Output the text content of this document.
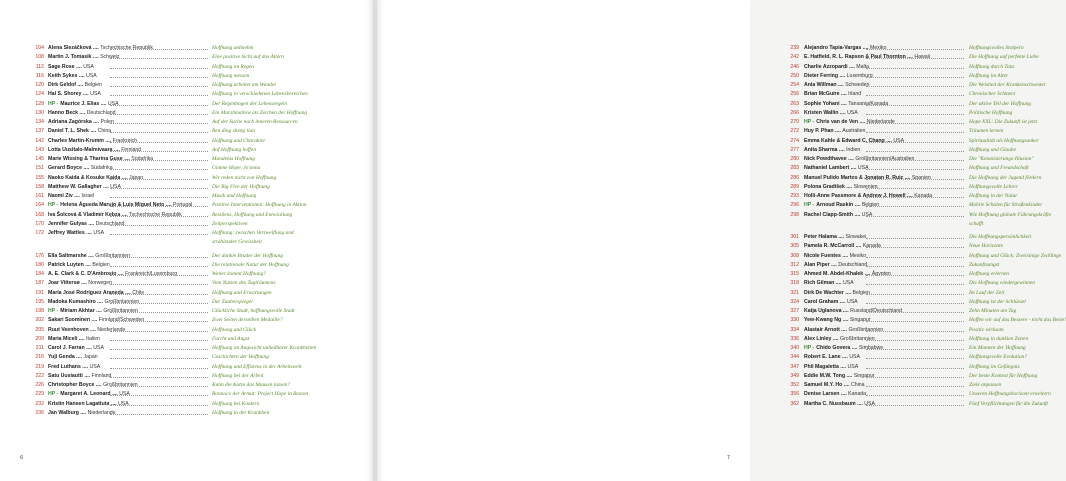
104 Alena Slezáčková .... Tschechische Republik	Hoffnung anhnehm
108 Martin J. Tomasik .... Schweiz	Eine positive Sicht auf das Altern
112 Sage Rose .... USA	Hoffnung im Regen
116 Keith Sykes .... USA	Hoffnung messen
120 Dirk Geldof .... Belgien	Hoffnung arbeitet am Wandel
124 Hal S. Shorey .... USA	Hoffnung in verschiedenen Lebensbereichen
128 HP - Maurice J. Elias .... USA	Der Regenbogen der Lebensregeln
130 Hanno Beck .... Deutschland	Ein Marshmallow als Zeichen der Hoffnung
134 Adriana Zagórska .... Polen	Auf der Suche nach inneren Ressourcen
137 Daniel T. L. Shek .... China	Ren ding sheng tian
142 Charles Martin-Krumm .... Frankreich	Hoffnung und Charakter
143 Lotta Uusitalo-Malmivaara .... Finnland	Auf Hoffnung hoffen
145 Marie Wissing & Tharina Guse .... Südafrika	Mandelas Hoffnung
151 Gerard Boyce .... Südafrika	Gimme Hope, Jo'anna
155 Naoko Kaida & Kosuke Kaida .... Japan	Wir reden nicht von Hoffnung
158 Matthew W. Gallagher .... USA	Die Big Five der Hoffnung
161 Naomi Ziv .... Israel	Musik und Hoffnung
164 HP - Helena Águeda Marujo & Luis Miguel Neto .... Portugal	Positive Interventionen: Hoffnung in Aktion
168 Iva Šolcová & Vladimír Kebza .... Tschechische Republik	Resilienz, Hoffnung und Entwicklung
170 Jennifer Gulyas .... Deutschland	Zeitperspektiven
172 Jeffrey Wattles .... USA	Hoffnung: zwischen Verzweiflung und
strahlender Gewissheit
176 Ella Saltmarshe .... Großbritannien	Der dunkle Bruder der Hoffnung
180 Patrick Luyten .... Belgien	Die relationale Natur der Hoffnung
184 A. E. Clark & C. D'Ambrosio .... Frankreich/Luxemburg	Weiter kommt Hoffnung?
187 Joar Vittersø .... Norwegen	Vom Nutzen des Tagträumens
191 María José Rodríguez Araneda .... Chile	Hoffnung und Erwartungen
195 Madoka Kumashiro .... Großbritannien	Der Zauberspiegel
198 HP - Miriam Akhtar .... Großbritannien	Glückliche Stadt, hoffnungsvolle Stadt
202 Sakari Suominen .... Finnland/Schweden	Zwei Seiten derselben Medaille?
205 Ruut Veenhoven .... Niederlande	Hoffnung und Glück
209 Maria Miceli .... Italien	Furcht und Angst
211 Carol J. Farran .... USA	Hoffnung im Angesicht unheilbarer Krankheiten
216 Yuji Genda .... Japan	Geschichten der Hoffnung
219 Fred Luthans .... USA	Hoffnung und Effizienz in der Arbeitswelt
222 Satu Uusiautti .... Finnland	Hoffnung bei der Arbeit
226 Christopher Boyce .... Großbritannien	Kann die Katze das Mausen lassen?
229 HP - Margaret A. Leonard .... USA	Ronnoco der Armut: Project Hope in Boston
232 Kristin Hansen Lagattuta .... USA	Hoffnung bei Kindern
236 Jan Walburg .... Niederlande	Hoffnung in der Krankheit
6
239 Alejandro Tapia-Vargas .... Mexiko	Hoffnungsvolles Stolpern
242 E. Hatfield, R. L. Rapson & Paul Thornton .... Hawaii	Die Hoffnung auf perfekte Liebe
246 Charlie Azzopardi .... Malta	Hoffnung durch Tanz
250 Dieter Ferring .... Luxemburg	Hoffnung im Alter
254 Ania Willman .... Schweden	Die Weisheit der Krankenschwester
256 Brian McGuire .... Irland	Chronischer Schmerz
263 Sophie Yohani .... Tansania/Kanada	Der aktive Teil der Hoffnung
266 Kristen Wallin .... USA	Politische Hoffnung
270 HP - Chris van de Ven .... Niederlande	Hope XXL: Die Zukunft ist jetzt
272 Huy P. Phan .... Australien	Träumen lernen
274 Emma Kahle & Edward C. Chang .... USA	Spiritualität als Hoffnungsanker
277 Anita Sharma .... Indien	Hoffnung und Glaube
280 Nick Powdthavee .... Großbritannien/Australien	Die "Ketanisierungs-Illusion"
283 Nathaniel Lambert .... USA	Hoffnung und Freundschaft
286 Manuel Pulido Martos & Jonatan R. Ruiz .... Spanien	Die Hoffnung der Jugend fördern
289 Polona Gradišek .... Slowenien	Hoffnungsvolle Lehrer
293 Holli-Anne Passmore & Andrew J. Howell .... Kanada	Hoffnung in der Natur
296 HP - Arnoud Raskin .... Belgien	Mobile Schulen für Straßenkinder
298 Rachel Clapp-Smith .... USA	Wie Hoffnung globale Führungskräfte
schafft
301 Peter Halama .... Slowakei	Die Hoffnungspersönlichkeit
305 Pamela R. McCarroll .... Kanada	Neue Horizonte
308 Nicole Fuentes .... Mexiko	Hoffnung und Glück: Zweisinige Zwillinge
312 Alan Piper .... Deutschland	Zukunftsangst
315 Ahmed M. Abdel-Khalek .... Ägypten	Hoffnung erlernen
318 Rich Gilman .... USA	Die Hoffnung wiedergewinnen
321 Dirk De Wachter .... Belgien	Im Lauf der Zeit
324 Carol Graham .... USA	Hoffnung ist der Schlüssel
327 Katja Uglanova .... Russland/Deutschland	Zehn Minuten am Tag
330 Yew-Kwang Ng .... Singapur	Hoffen wir auf das Bessere - nicht das Beste!
334 Alastair Arnott .... Großbritannien	Positiv wirksam
336 Alex Linley .... Großbritannien	Hoffnung in dunklen Zeiten
340 HP - Chido Govera .... Simbabwe	Ein Moment der Hoffnung
344 Robert E. Lane .... USA	Hoffnungsvolle Evolution?
347 Phil Magaletta .... USA	Hoffnung im Gefängnis
349 Eddie M.W. Tong .... Singapur	Der beste Kontext für Hoffnung
352 Samuel M.Y. Ho .... China	Ziele anpassen
356 Denise Larsen .... Kanada	Unseren Hoffnungshorizont erweitern
362 Martha C. Nussbaum .... USA	Fünf Verpflichtungen für die Zukunft
7
